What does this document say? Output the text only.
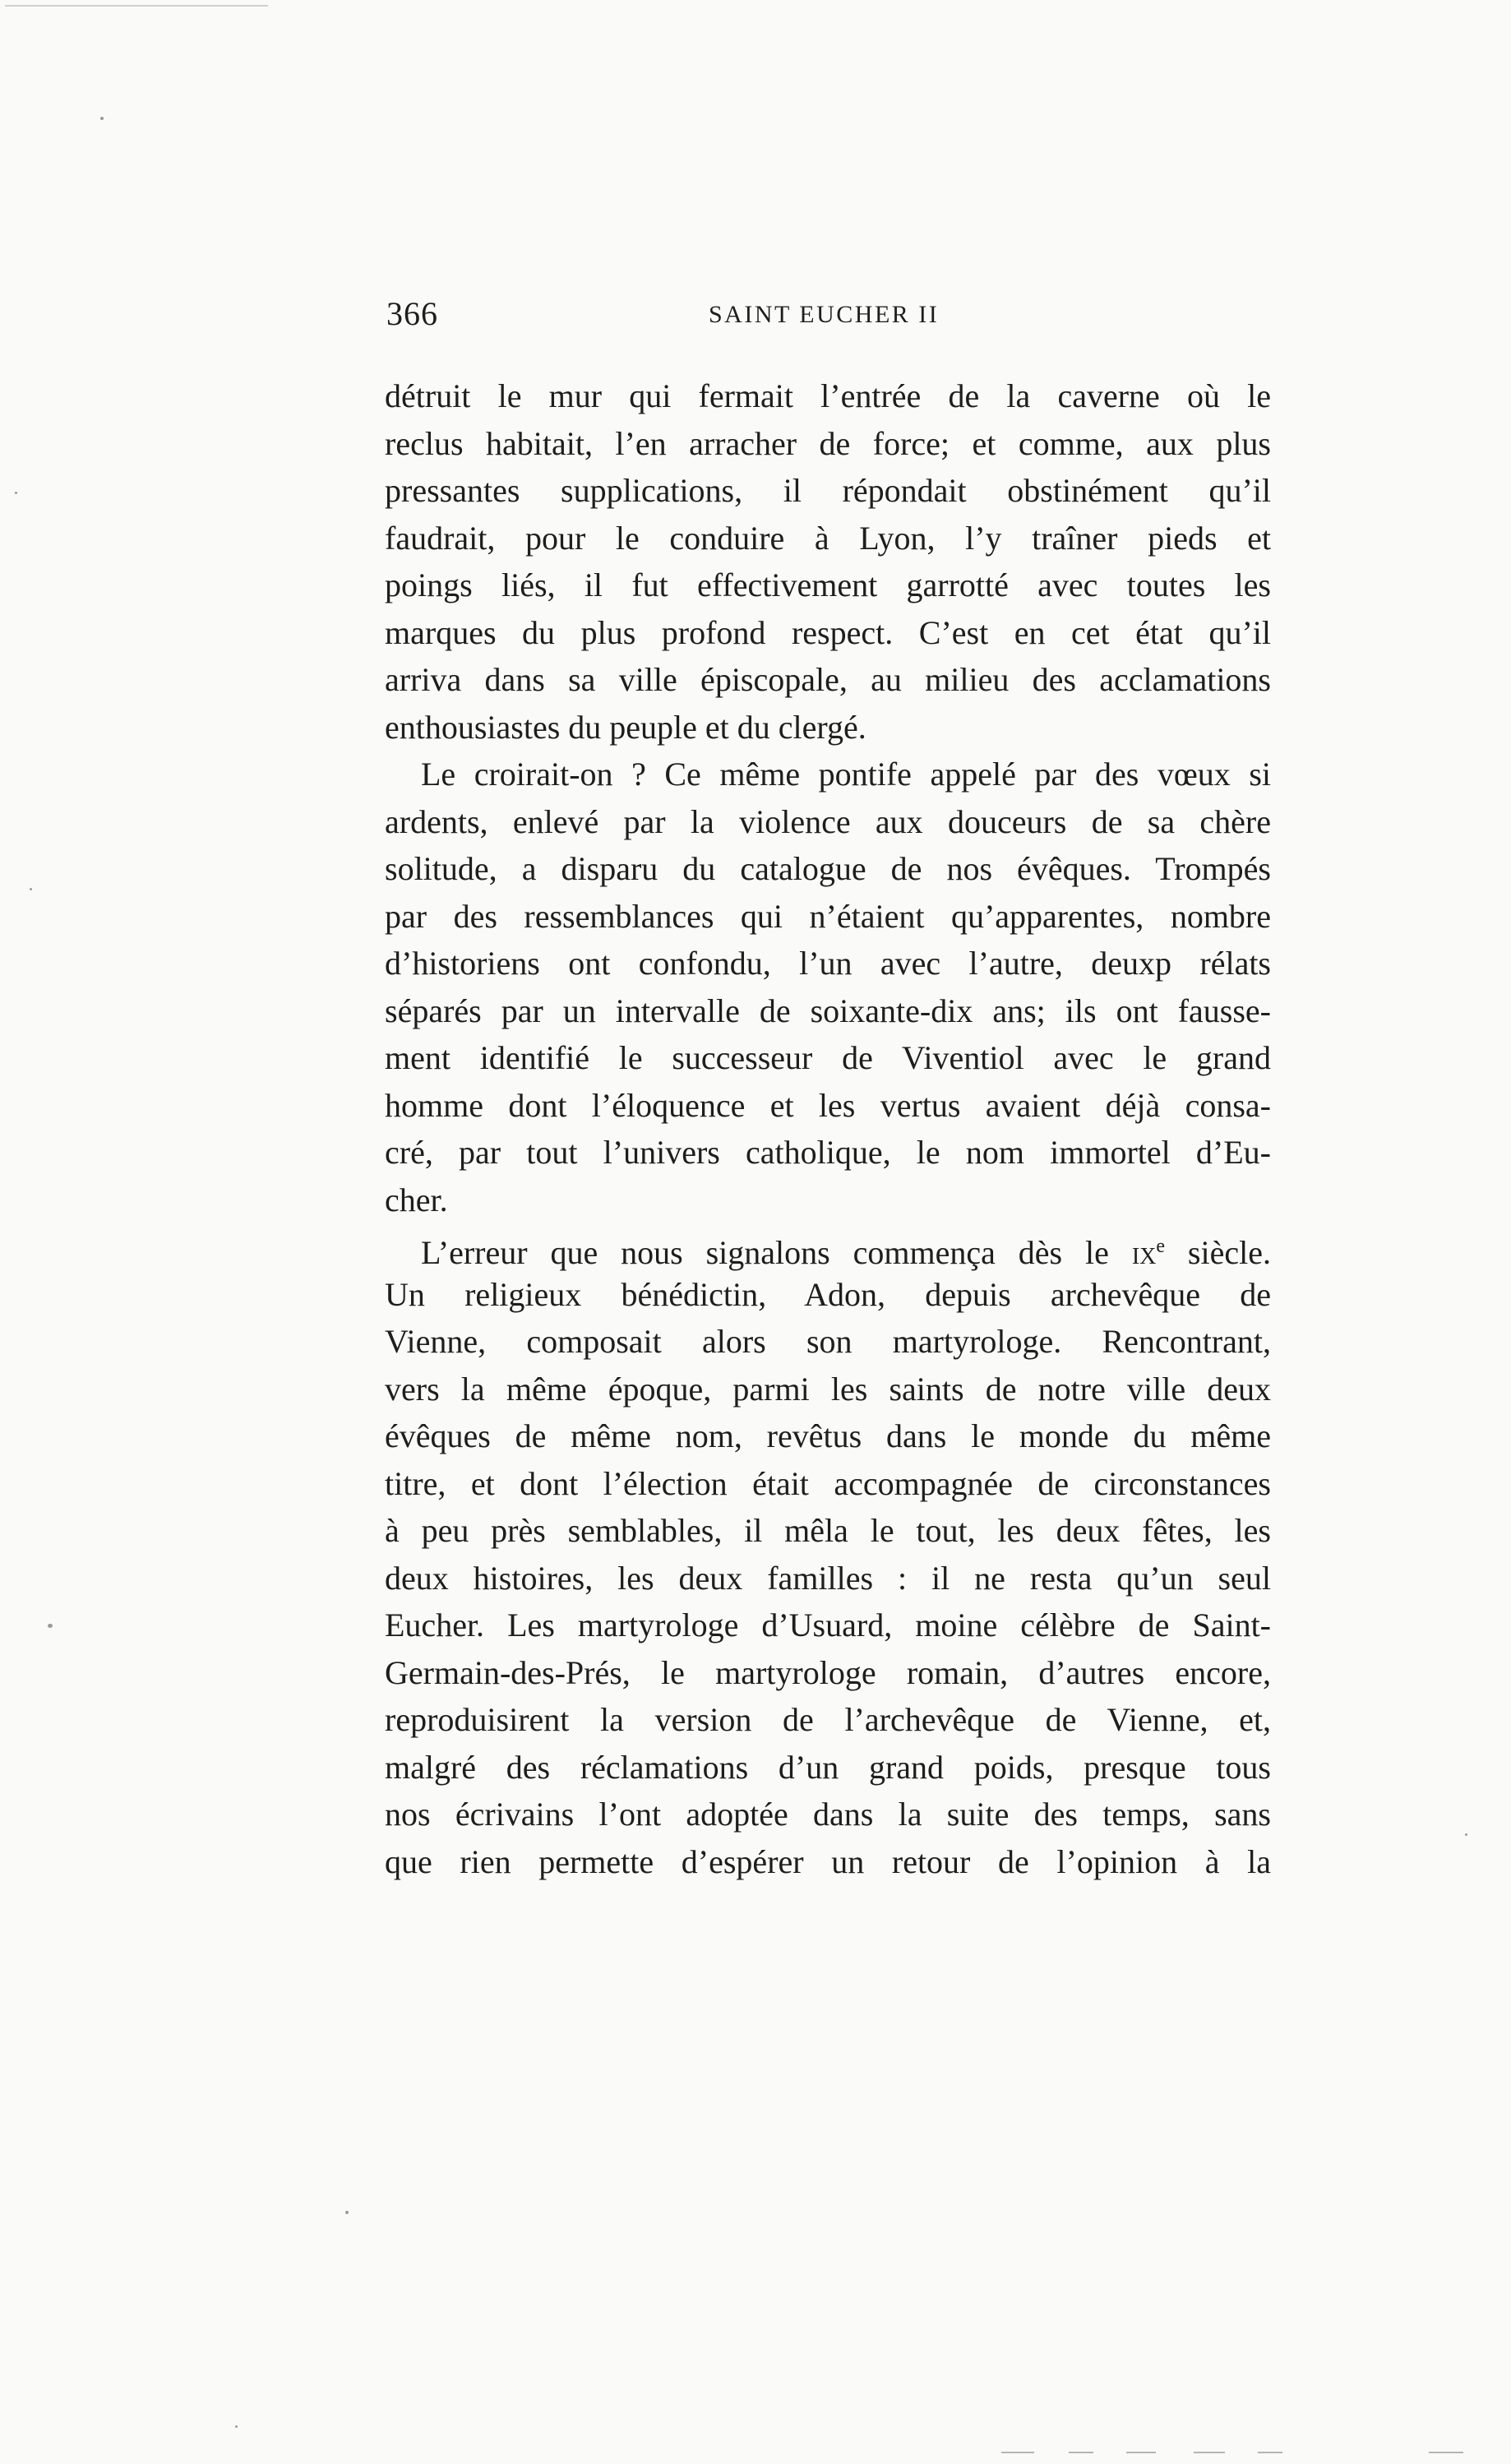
366	SAINT EUCHER II
détruit le mur qui fermait l’entrée de la caverne où le
reclus habitait, l’en arracher de force; et comme, aux plus
pressantes supplications, il répondait obstinément qu’il
faudrait, pour le conduire à Lyon, l’y traîner pieds et
poings liés, il fut effectivement garrotté avec toutes les
marques du plus profond respect. C’est en cet état qu’il
arriva dans sa ville épiscopale, au milieu des acclamations
enthousiastes du peuple et du clergé.
Le croirait-on ? Ce même pontife appelé par des vœux si
ardents, enlevé par la violence aux douceurs de sa chère
solitude, a disparu du catalogue de nos évêques. Trompés
par des ressemblances qui n’étaient qu’apparentes, nombre
d’historiens ont confondu, l’un avec l’autre, deuxp rélats
séparés par un intervalle de soixante-dix ans; ils ont fausse-
ment identifié le successeur de Viventiol avec le grand
homme dont l’éloquence et les vertus avaient déjà consa-
cré, par tout l’univers catholique, le nom immortel d’Eu-
cher.
L’erreur que nous signalons commença dès le $ix^e$ siècle.
Un religieux bénédictin, Adon, depuis archevêque de
Vienne, composait alors son martyrologe. Rencontrant,
vers la même époque, parmi les saints de notre ville deux
évêques de même nom, revêtus dans le monde du même
titre, et dont l’élection était accompagnée de circonstances
à peu près semblables, il mêla le tout, les deux fêtes, les
deux histoires, les deux familles : il ne resta qu’un seul
Eucher. Les martyrologe d’Usuard, moine célèbre de Saint-
Germain-des-Prés, le martyrologe romain, d’autres encore,
reproduisirent la version de l’archevêque de Vienne, et,
malgré des réclamations d’un grand poids, presque tous
nos écrivains l’ont adoptée dans la suite des temps, sans
que rien permette d’espérer un retour de l’opinion à la
